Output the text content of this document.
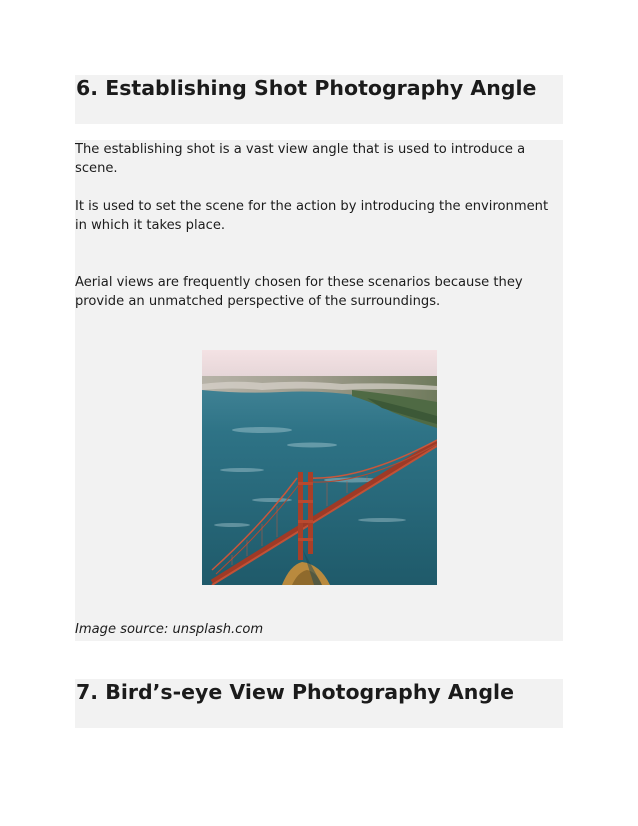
6. Establishing Shot Photography Angle

The establishing shot is a vast view angle that is used to introduce a scene.

It is used to set the scene for the action by introducing the environment in which it takes place.

Aerial views are frequently chosen for these scenarios because they provide an unmatched perspective of the surroundings.

Image source: unsplash.com

7. Bird’s-eye View Photography Angle
